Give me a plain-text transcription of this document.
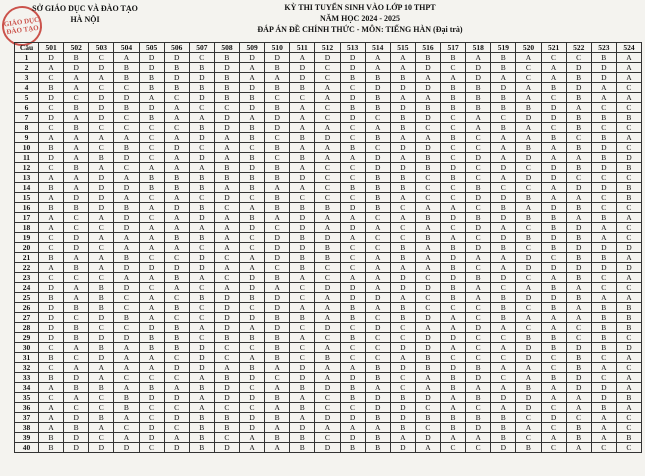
GIÁO DỤC ĐÀO TẠO
SỞ GIÁO DỤC VÀ ĐÀO TẠO
HÀ NỘI
KỲ THI TUYỂN SINH VÀO LỚP 10 THPT
NĂM HỌC 2024 - 2025
ĐÁP ÁN ĐỀ CHÍNH THỨC - MÔN: TIẾNG HÀN (Đại trà)
Câu	501	502	503	504	505	506	507	508	509	510	511	512	513	514	515	516	517	518	519	520	521	522	523	524
1	D	B	C	A	D	D	C	B	D	D	A	D	D	A	A	B	B	A	B	A	C	C	B	A
2	A	D	D	B	D	B	B	D	A	B	D	C	D	A	A	D	C	D	B	C	A	D	D	A
3	C	A	A	B	B	D	D	B	A	A	D	C	B	B	B	A	A	D	A	C	A	B	D	A
4	B	A	C	C	B	B	B	B	D	B	B	A	C	D	D	D	B	B	D	A	B	D	A	C
5	D	C	D	D	A	C	D	B	B	C	C	A	D	B	A	A	B	B	B	A	C	B	A	A
6	C	B	D	B	D	A	C	C	D	B	A	C	B	B	D	B	B	B	B	B	D	A	C	C
7	D	A	D	C	B	A	A	D	A	D	A	C	D	C	B	D	C	A	C	D	D	B	B	B
8	C	B	C	C	C	C	B	D	B	D	A	A	C	A	B	C	C	A	B	A	C	B	C	C
9	A	A	A	A	C	A	D	A	B	C	B	D	C	B	A	A	B	C	A	A	B	C	B	A
10	B	A	C	B	C	D	C	A	C	B	A	A	B	C	D	D	C	C	A	B	A	B	D	C
11	D	A	B	D	C	A	D	A	B	C	B	A	A	D	A	B	C	D	A	D	A	A	B	D
12	C	B	A	C	A	A	A	B	D	B	A	C	C	D	D	B	D	C	D	C	D	B	D	B
13	A	A	D	A	B	B	B	B	B	B	D	C	C	B	B	C	B	C	A	D	D	C	C	C
14	B	A	D	D	B	B	B	A	B	A	A	C	B	B	B	C	C	B	C	C	A	D	D	B
15	A	D	D	A	C	A	C	D	C	B	C	C	C	B	A	C	C	D	D	B	A	A	C	B
16	B	B	D	B	A	D	B	C	A	B	B	B	D	B	C	A	A	C	B	A	D	B	C	C
17	A	C	A	D	C	A	D	A	B	A	D	A	A	C	A	B	D	B	D	B	B	A	B	A
18	A	C	C	D	A	A	A	A	D	C	D	A	D	A	C	A	C	D	A	C	B	D	A	C
19	C	D	A	A	A	B	B	A	C	D	B	D	A	C	C	B	A	C	D	B	D	B	A	C
20	C	D	C	A	A	A	C	A	C	D	D	B	C	C	B	A	B	D	B	C	B	D	D	D
21	B	A	A	B	C	C	D	C	A	D	B	B	C	A	B	A	D	A	A	D	C	B	B	A
22	A	B	A	D	D	D	D	A	A	C	B	C	C	A	A	A	B	C	A	D	D	D	D	D
23	C	C	C	A	A	B	A	C	D	B	A	C	A	A	D	C	D	B	D	C	A	B	C	A
24	D	A	B	D	C	A	C	A	D	A	C	D	D	A	D	D	B	A	C	A	B	A	C	C
25	B	A	B	C	A	C	B	D	B	D	C	A	D	D	A	C	B	A	B	D	D	B	A	A
26	D	B	B	C	A	B	C	D	C	D	A	A	B	A	B	C	C	C	B	C	B	A	B	B
27	D	C	D	B	A	C	C	D	D	B	B	A	B	C	B	D	A	C	B	A	A	A	B	B
28	D	B	C	C	D	B	A	D	A	D	C	D	C	D	C	A	A	D	A	C	A	C	B	B
29	D	B	D	D	B	B	C	B	B	B	A	C	B	C	C	D	D	C	C	B	B	C	B	C
30	C	A	B	A	B	B	D	C	C	B	C	A	C	C	D	D	A	C	A	D	B	D	B	D
31	B	C	D	A	A	C	D	C	A	B	C	B	C	C	A	B	C	C	C	D	C	B	C	A
32	C	A	A	A	A	D	D	A	B	A	D	A	A	B	D	B	D	B	A	A	C	B	A	C
33	B	D	A	C	C	C	A	B	D	C	D	A	D	B	C	A	B	D	C	A	B	D	C	A
34	A	B	B	A	B	A	B	D	C	A	B	D	B	A	C	A	B	A	A	B	A	D	D	A
35	C	A	C	B	D	D	A	D	D	B	A	C	B	D	B	D	A	B	D	D	A	A	D	B
36	A	C	C	B	C	C	A	C	C	A	B	C	C	D	D	C	A	C	A	D	C	A	B	A
37	A	D	B	A	C	D	B	B	D	B	A	D	D	B	D	B	B	B	B	C	D	C	A	C
38	A	B	A	C	D	C	B	B	D	A	D	A	A	A	B	C	B	D	B	A	C	B	A	C
39	B	D	C	A	D	A	B	C	A	B	B	C	D	B	A	D	A	A	B	C	A	B	A	B
40	B	D	D	D	C	D	B	D	A	A	B	D	B	B	D	A	C	C	D	B	C	A	C	C
